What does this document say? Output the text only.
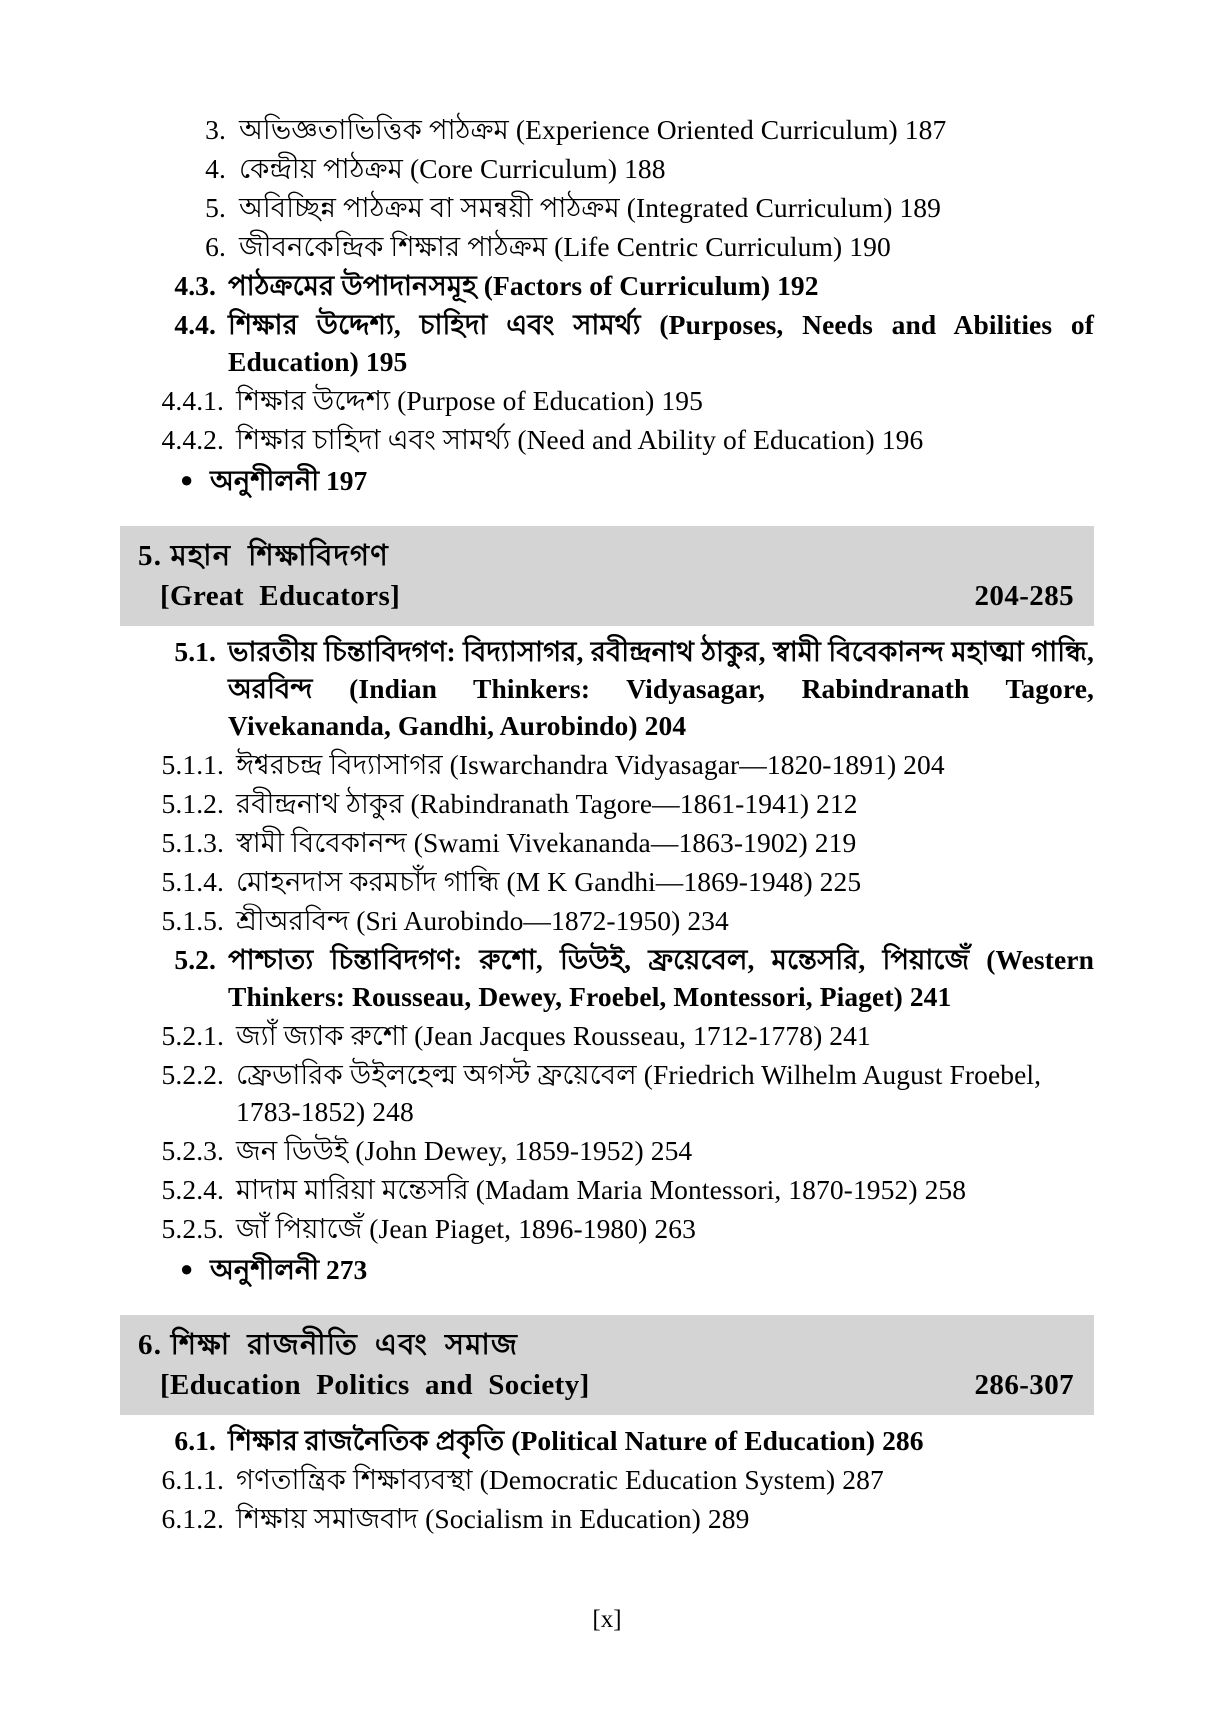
3. অভিজ্ঞতাভিত্তিক পাঠক্রম (Experience Oriented Curriculum) 187
4. কেন্দ্রীয় পাঠক্রম (Core Curriculum) 188
5. অবিচ্ছিন্ন পাঠক্রম বা সমন্বয়ী পাঠক্রম (Integrated Curriculum) 189
6. জীবনকেন্দ্রিক শিক্ষার পাঠক্রম (Life Centric Curriculum) 190
4.3. পাঠক্রমের উপাদানসমূহ (Factors of Curriculum) 192
4.4. শিক্ষার উদ্দেশ্য, চাহিদা এবং সামর্থ্য (Purposes, Needs and Abilities of Education) 195
4.4.1. শিক্ষার উদ্দেশ্য (Purpose of Education) 195
4.4.2. শিক্ষার চাহিদা এবং সামর্থ্য (Need and Ability of Education) 196
● অনুশীলনী 197
5. মহান  শিক্ষাবিদগণ
[Great  Educators]	204-285
5.1. ভারতীয় চিন্তাবিদগণ: বিদ্যাসাগর, রবীন্দ্রনাথ ঠাকুর, স্বামী বিবেকানন্দ মহাত্মা গান্ধি, অরবিন্দ (Indian Thinkers: Vidyasagar, Rabindranath Tagore, Vivekananda, Gandhi, Aurobindo) 204
5.1.1. ঈশ্বরচন্দ্র বিদ্যাসাগর (Iswarchandra Vidyasagar—1820-1891) 204
5.1.2. রবীন্দ্রনাথ ঠাকুর (Rabindranath Tagore—1861-1941) 212
5.1.3. স্বামী বিবেকানন্দ (Swami Vivekananda—1863-1902) 219
5.1.4. মোহনদাস করমচাঁদ গান্ধি (M K Gandhi—1869-1948) 225
5.1.5. শ্রীঅরবিন্দ (Sri Aurobindo—1872-1950) 234
5.2. পাশ্চাত্য চিন্তাবিদগণ: রুশো, ডিউই, ফ্রয়েবেল, মন্তেসরি, পিয়াজেঁ (Western Thinkers: Rousseau, Dewey, Froebel, Montessori, Piaget) 241
5.2.1. জ্যাঁ জ্যাক রুশো (Jean Jacques Rousseau, 1712-1778) 241
5.2.2. ফ্রেডারিক উইলহেল্ম অগস্ট ফ্রয়েবেল (Friedrich Wilhelm August Froebel, 1783-1852) 248
5.2.3. জন ডিউই (John Dewey, 1859-1952) 254
5.2.4. মাদাম মারিয়া মন্তেসরি (Madam Maria Montessori, 1870-1952) 258
5.2.5. জাঁ পিয়াজেঁ (Jean Piaget, 1896-1980) 263
● অনুশীলনী 273
6. শিক্ষা  রাজনীতি  এবং  সমাজ
[Education  Politics  and  Society]	286-307
6.1. শিক্ষার রাজনৈতিক প্রকৃতি (Political Nature of Education) 286
6.1.1. গণতান্ত্রিক শিক্ষাব্যবস্থা (Democratic Education System) 287
6.1.2. শিক্ষায় সমাজবাদ (Socialism in Education) 289
[x]
